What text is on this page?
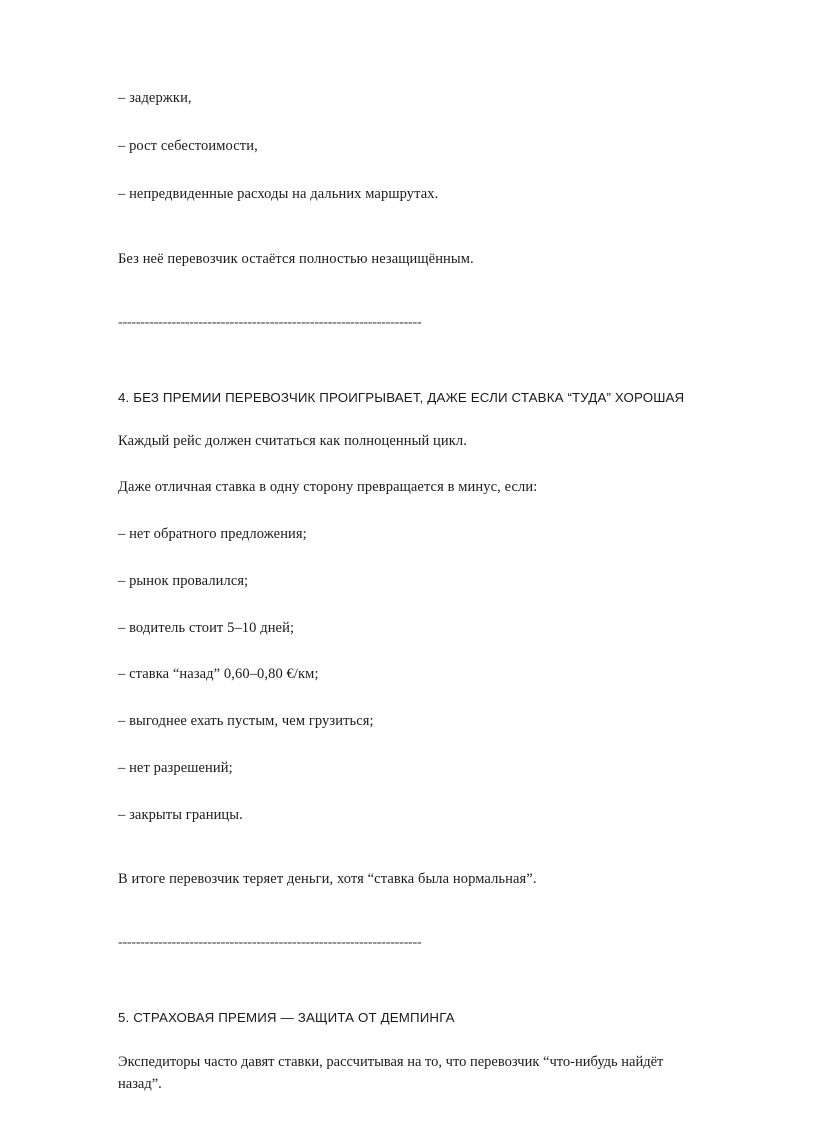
– задержки,

– рост себестоимости,

– непредвиденные расходы на дальних маршрутах.

Без неё перевозчик остаётся полностью незащищённым.

--------------------------------------------------------------------

4. БЕЗ ПРЕМИИ ПЕРЕВОЗЧИК ПРОИГРЫВАЕТ, ДАЖЕ ЕСЛИ СТАВКА “ТУДА” ХОРОШАЯ

Каждый рейс должен считаться как полноценный цикл.

Даже отличная ставка в одну сторону превращается в минус, если:

– нет обратного предложения;

– рынок провалился;

– водитель стоит 5–10 дней;

– ставка “назад” 0,60–0,80 €/км;

– выгоднее ехать пустым, чем грузиться;

– нет разрешений;

– закрыты границы.

В итоге перевозчик теряет деньги, хотя “ставка была нормальная”.

--------------------------------------------------------------------

5. СТРАХОВАЯ ПРЕМИЯ — ЗАЩИТА ОТ ДЕМПИНГА

Экспедиторы часто давят ставки, рассчитывая на то, что перевозчик “что-нибудь найдёт назад”.
